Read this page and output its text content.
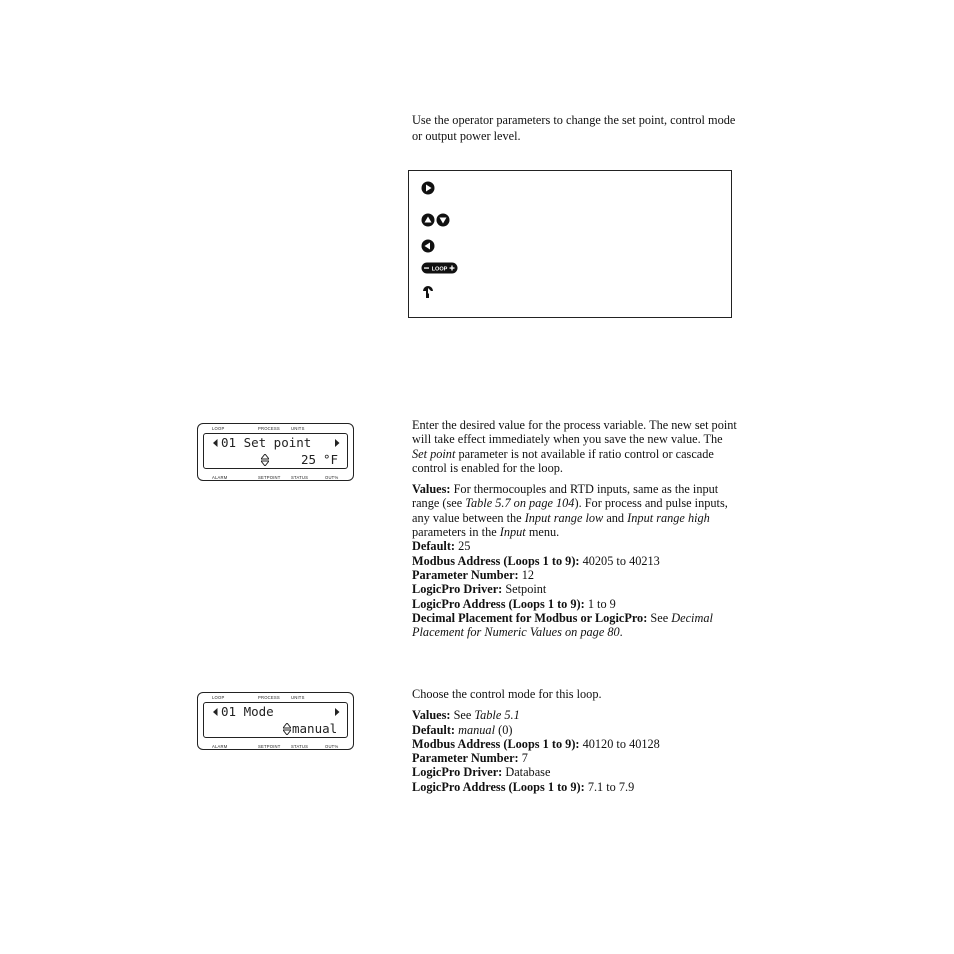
Use the operator parameters to change the set point, control mode or output power level.
LOOP
LOOP	PROCESS	UNITS
01 Set point
25 °F
ALARM	SETPOINT STATUS	OUT%

Enter the desired value for the process variable. The new set point will take effect immediately when you save the new value. The Set point parameter is not available if ratio control or cascade control is enabled for the loop.

Values: For thermocouples and RTD inputs, same as the input range (see Table 5.7 on page 104). For process and pulse inputs, any value between the Input range low and Input range high parameters in the Input menu.

Default: 25

Modbus Address (Loops 1 to 9): 40205 to 40213

Parameter Number: 12

LogicPro Driver: Setpoint

LogicPro Address (Loops 1 to 9): 1 to 9

Decimal Placement for Modbus or LogicPro: See Decimal Placement for Numeric Values on page 80.

LOOP	PROCESS	UNITS
01 Mode
manual
ALARM	SETPOINT STATUS	OUT%

Choose the control mode for this loop.

Values: See Table 5.1

Default: manual (0)

Modbus Address (Loops 1 to 9): 40120 to 40128

Parameter Number: 7

LogicPro Driver: Database

LogicPro Address (Loops 1 to 9): 7.1 to 7.9
